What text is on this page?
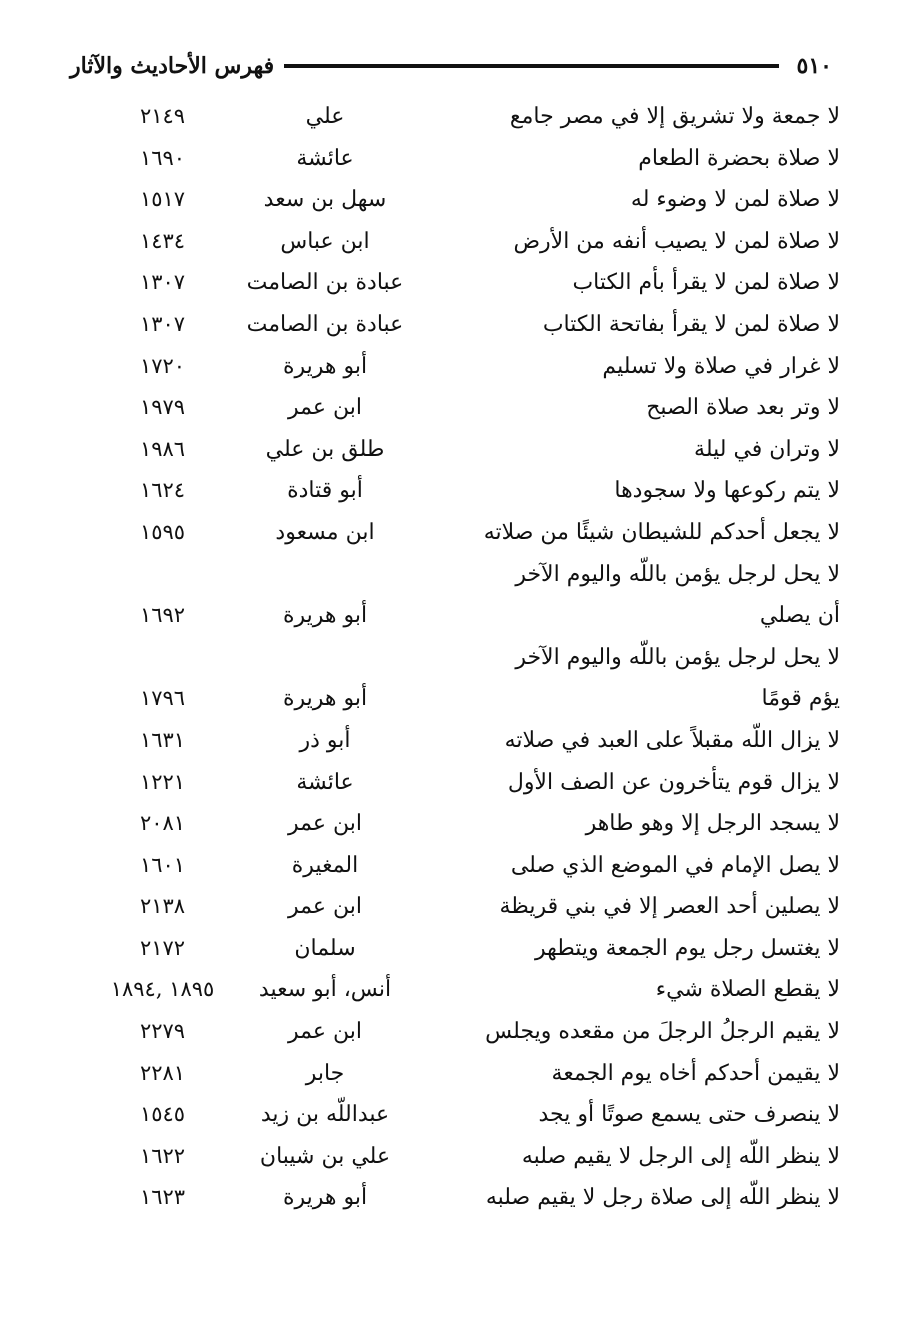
٥١٠
فهرس الأحاديث والآثار
لا جمعة ولا تشريق إلا في مصر جامع
علي
٢١٤٩
لا صلاة بحضرة الطعام
عائشة
١٦٩٠
لا صلاة لمن لا وضوء له
سهل بن سعد
١٥١٧
لا صلاة لمن لا يصيب أنفه من الأرض
ابن عباس
١٤٣٤
لا صلاة لمن لا يقرأ بأم الكتاب
عبادة بن الصامت
١٣٠٧
لا صلاة لمن لا يقرأ بفاتحة الكتاب
عبادة بن الصامت
١٣٠٧
لا غرار في صلاة ولا تسليم
أبو هريرة
١٧٢٠
لا وتر بعد صلاة الصبح
ابن عمر
١٩٧٩
لا وتران في ليلة
طلق بن علي
١٩٨٦
لا يتم ركوعها ولا سجودها
أبو قتادة
١٦٢٤
لا يجعل أحدكم للشيطان شيئًا من صلاته
ابن مسعود
١٥٩٥
لا يحل لرجل يؤمن باللّه واليوم الآخر
أن يصلي
أبو هريرة
١٦٩٢
لا يحل لرجل يؤمن باللّه واليوم الآخر
يؤم قومًا
أبو هريرة
١٧٩٦
لا يزال اللّه مقبلاً على العبد في صلاته
أبو ذر
١٦٣١
لا يزال قوم يتأخرون عن الصف الأول
عائشة
١٢٢١
لا يسجد الرجل إلا وهو طاهر
ابن عمر
٢٠٨١
لا يصل الإمام في الموضع الذي صلى
المغيرة
١٦٠١
لا يصلين أحد العصر إلا في بني قريظة
ابن عمر
٢١٣٨
لا يغتسل رجل يوم الجمعة ويتطهر
سلمان
٢١٧٢
لا يقطع الصلاة شيء
أنس، أبو سعيد
١٨٩٥ ,١٨٩٤
لا يقيم الرجلُ الرجلَ من مقعده ويجلس
ابن عمر
٢٢٧٩
لا يقيمن أحدكم أخاه يوم الجمعة
جابر
٢٢٨١
لا ينصرف حتى يسمع صوتًا أو يجد
عبداللّه بن زيد
١٥٤٥
لا ينظر اللّه إلى الرجل لا يقيم صلبه
علي بن شيبان
١٦٢٢
لا ينظر اللّه إلى صلاة رجل لا يقيم صلبه
أبو هريرة
١٦٢٣
